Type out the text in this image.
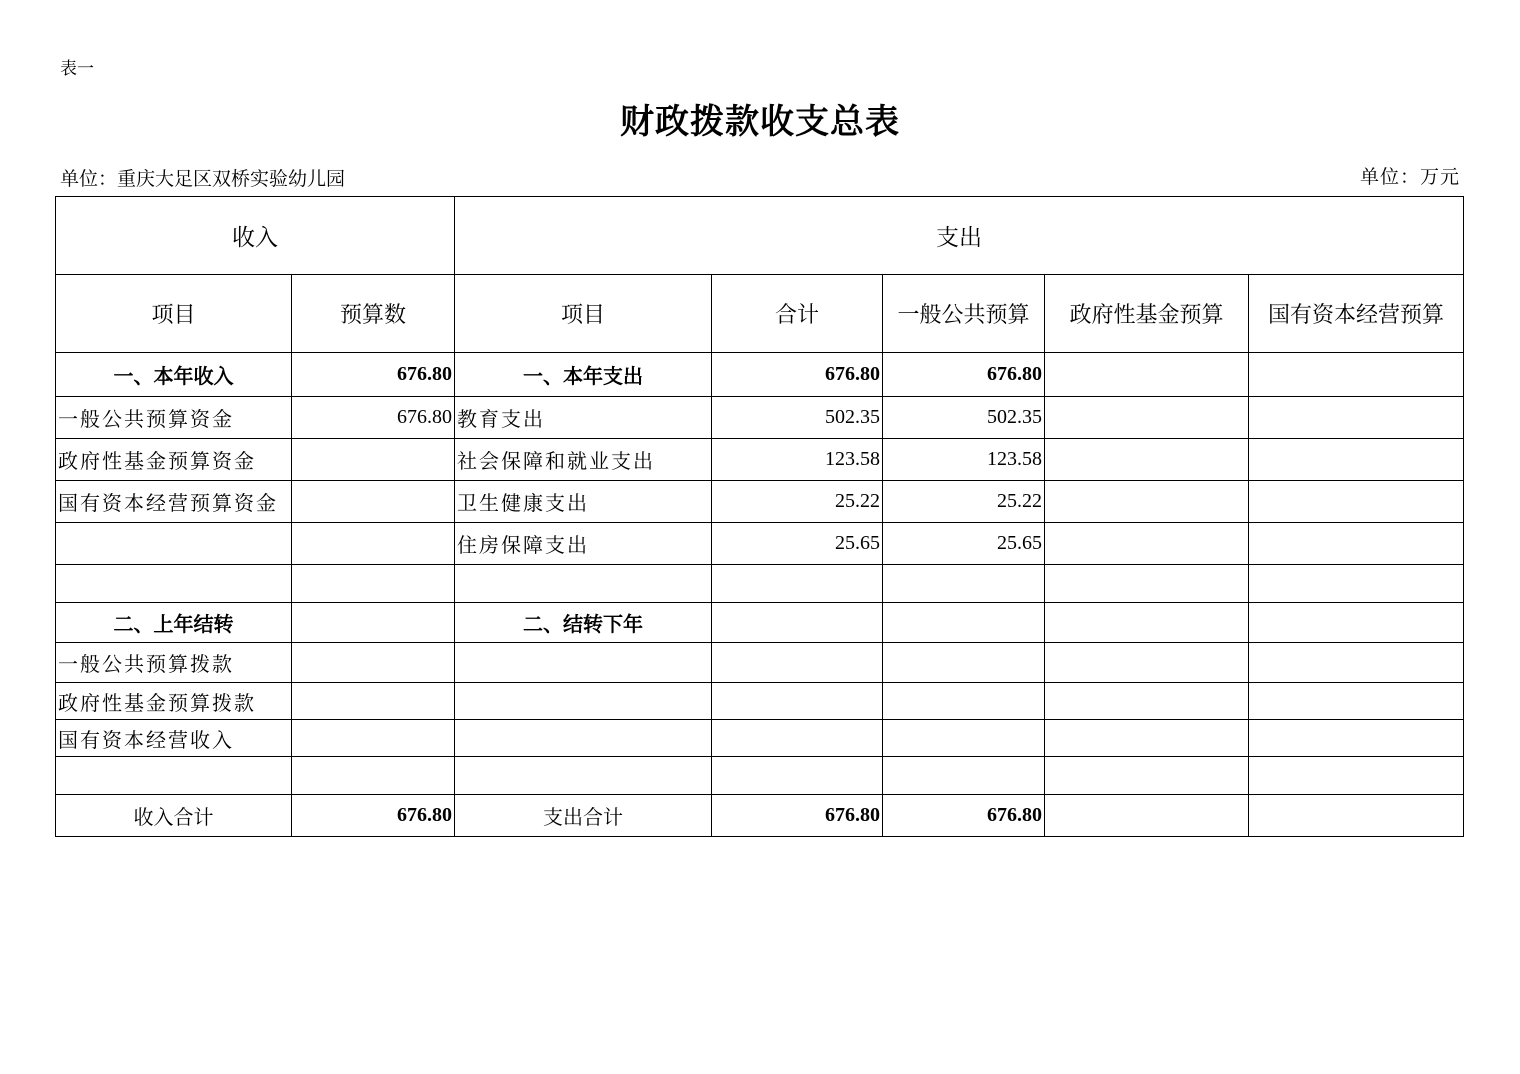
表一
财政拨款收支总表
单位：重庆大足区双桥实验幼儿园	单位：万元
收入		支出				
项目	预算数	项目	合计	一般公共预算	政府性基金预算	国有资本经营预算
一、本年收入	676.80	一、本年支出	676.80	676.80		
一般公共预算资金	676.80	教育支出	502.35	502.35		
政府性基金预算资金		社会保障和就业支出	123.58	123.58		
国有资本经营预算资金		卫生健康支出	25.22	25.22		
		住房保障支出	25.65	25.65		

二、上年结转		二、结转下年				
一般公共预算拨款						
政府性基金预算拨款						
国有资本经营收入						

收入合计	676.80	支出合计	676.80	676.80		
